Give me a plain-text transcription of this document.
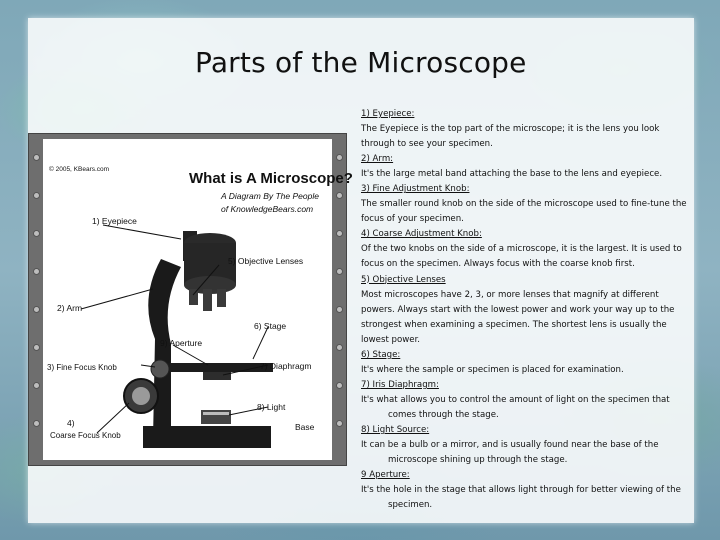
Parts of the Microscope
© 2005, KBears.com
What is A Microscope?
A Diagram By The People
of KnowledgeBears.com
1) Eyepiece
5) Objective Lenses
2) Arm
6) Stage
9) Aperture
3) Fine Focus Knob	7) Diaphragm
8) Light
4)
Coarse Focus Knob
Base
1) Eyepiece:
The Eyepiece is the top part of the microscope; it is the lens you look through to see your specimen.
2) Arm:
It's the large metal band attaching the base to the lens and eyepiece.
3) Fine Adjustment Knob:
The smaller round knob on the side of the microscope used to fine-tune the focus of your specimen.
4) Coarse Adjustment Knob:
Of the two knobs on the side of a microscope, it is the largest. It is used to focus on the specimen. Always focus with the coarse knob first.
5) Objective Lenses
Most microscopes have 2, 3, or more lenses that magnify at different powers. Always start with the lowest power and work your way up to the strongest when examining a specimen. The shortest lens is usually the lowest power.
6) Stage:
It's where the sample or specimen is placed for examination.
7) Iris Diaphragm:
It's what allows you to control the amount of light on the specimen that comes through the stage.
8) Light Source:
It can be a bulb or a mirror, and is usually found near the base of the microscope shining up through the stage.
9 Aperture:
It's the hole in the stage that allows light through for better viewing of the specimen.
